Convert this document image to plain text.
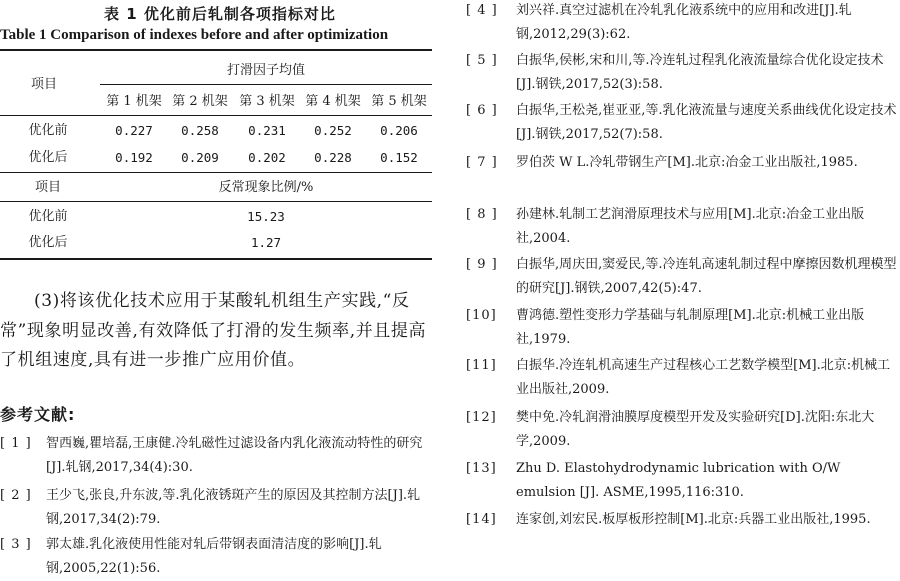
表 1 优化前后轧制各项指标对比
Table 1 Comparison of indexes before and after optimization
项目
打滑因子均值
第 1 机架 第 2 机架 第 3 机架 第 4 机架 第 5 机架
优化前	0.227 0.258 0.231 0.252 0.206
优化后	0.192 0.209 0.202 0.228 0.152
项目	反常现象比例/%
优化前	15.23
优化后	1.27

(3)将该优化技术应用于某酸轧机组生产实践,“反常”现象明显改善,有效降低了打滑的发生频率,并且提高了机组速度,具有进一步推广应用价值。

参考文献:
[ 1 ] 智西巍,瞿培磊,王康健.冷轧磁性过滤设备内乳化液流动特性的研究[J].轧钢,2017,34(4):30.
[ 2 ] 王少飞,张良,升东波,等.乳化液锈斑产生的原因及其控制方法[J].轧钢,2017,34(2):79.
[ 3 ] 郭太雄.乳化液使用性能对轧后带钢表面清洁度的影响[J].轧钢,2005,22(1):56.
[ 4 ] 刘兴祥.真空过滤机在冷轧乳化液系统中的应用和改进[J].轧钢,2012,29(3):62.
[ 5 ] 白振华,侯彬,宋和川,等.冷连轧过程乳化液流量综合优化设定技术[J].钢铁,2017,52(3):58.
[ 6 ] 白振华,王松尧,崔亚亚,等.乳化液流量与速度关系曲线优化设定技术[J].钢铁,2017,52(7):58.
[ 7 ] 罗伯茨 W L.冷轧带钢生产[M].北京:冶金工业出版社,1985.
[ 8 ] 孙建林.轧制工艺润滑原理技术与应用[M].北京:冶金工业出版社,2004.
[ 9 ] 白振华,周庆田,窦爱民,等.冷连轧高速轧制过程中摩擦因数机理模型的研究[J].钢铁,2007,42(5):47.
[10] 曹鸿德.塑性变形力学基础与轧制原理[M].北京:机械工业出版社,1979.
[11] 白振华.冷连轧机高速生产过程核心工艺数学模型[M].北京:机械工业出版社,2009.
[12] 樊中免.冷轧润滑油膜厚度模型开发及实验研究[D].沈阳:东北大学,2009.
[13] Zhu D. Elastohydrodynamic lubrication with O/W emulsion [J]. ASME,1995,116:310.
[14] 连家创,刘宏民.板厚板形控制[M].北京:兵器工业出版社,1995.
